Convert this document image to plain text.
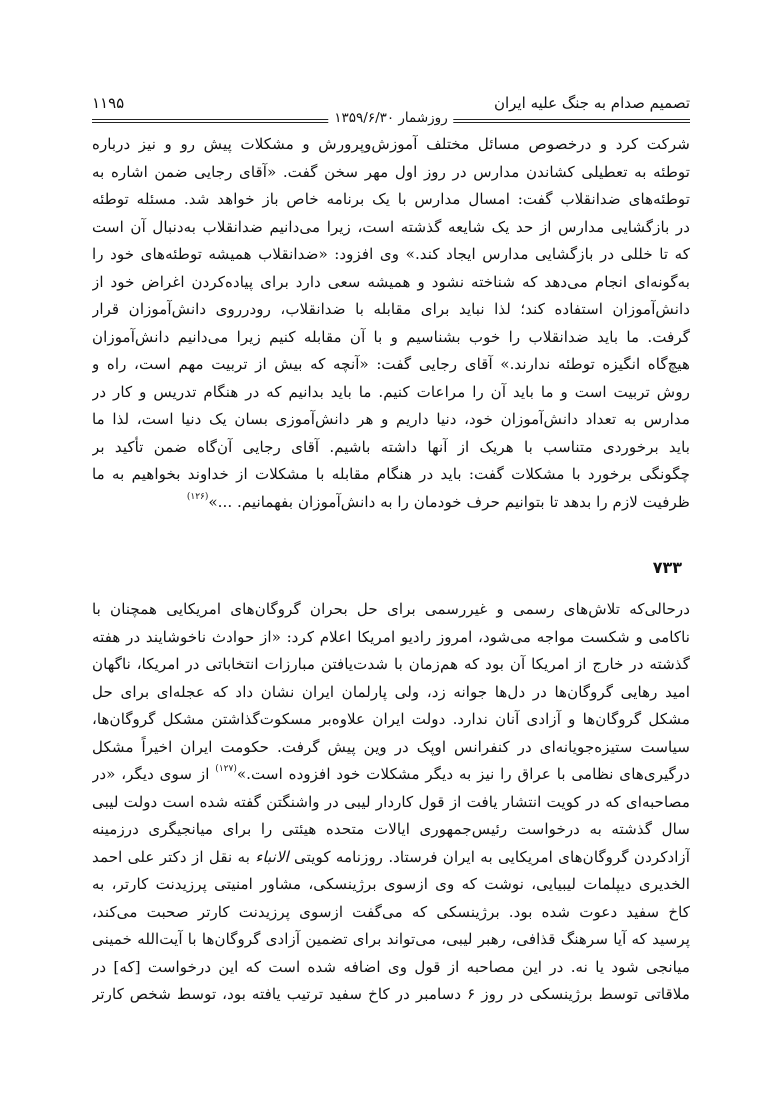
تصمیم صدام به جنگ علیه ایران
۱۱۹۵
روزشمار ۱۳۵۹/۶/۳۰
شرکت کرد و درخصوص مسائل مختلف آموزش‌وپرورش و مشکلات پیش رو و نیز درباره
توطئه به تعطیلی کشاندن مدارس در روز اول مهر سخن گفت. «آقای رجایی ضمن اشاره به
توطئه‌های ضدانقلاب گفت: امسال مدارس با یک برنامه خاص باز خواهد شد. مسئله توطئه
در بازگشایی مدارس از حد یک شایعه گذشته است، زیرا می‌دانیم ضدانقلاب به‌دنبال آن است
که تا خللی در بازگشایی مدارس ایجاد کند.» وی افزود: «ضدانقلاب همیشه توطئه‌های خود را
به‌گونه‌ای انجام می‌دهد که شناخته نشود و همیشه سعی دارد برای پیاده‌کردن اغراض خود از
دانش‌آموزان استفاده کند؛ لذا نباید برای مقابله با ضدانقلاب، رودرروی دانش‌آموزان قرار
گرفت. ما باید ضدانقلاب را خوب بشناسیم و با آن مقابله کنیم زیرا می‌دانیم دانش‌آموزان
هیچ‌گاه انگیزه توطئه ندارند.» آقای رجایی گفت: «آنچه که بیش از تربیت مهم است، راه و
روش تربیت است و ما باید آن را مراعات کنیم. ما باید بدانیم که در هنگام تدریس و کار در
مدارس به تعداد دانش‌آموزان خود، دنیا داریم و هر دانش‌آموزی بسان یک دنیا است، لذا ما
باید برخوردی متناسب با هریک از آنها داشته باشیم. آقای رجایی آن‌گاه ضمن تأکید بر
چگونگی برخورد با مشکلات گفت: باید در هنگام مقابله با مشکلات از خداوند بخواهیم به ما
ظرفیت لازم را بدهد تا بتوانیم حرف خودمان را به دانش‌آموزان بفهمانیم. ...»$^{(۱۲۶)}$
۷۳۳
درحالی‌که تلاش‌های رسمی و غیررسمی برای حل بحران گروگان‌های امریکایی همچنان با
ناکامی و شکست مواجه می‌شود، امروز رادیو امریکا اعلام کرد: «از حوادث ناخوشایند در هفته
گذشته در خارج از امریکا آن بود که هم‌زمان با شدت‌یافتن مبارزات انتخاباتی در امریکا، ناگهان
امید رهایی گروگان‌ها در دل‌ها جوانه زد، ولی پارلمان ایران نشان داد که عجله‌ای برای حل
مشکل گروگان‌ها و آزادی آنان ندارد. دولت ایران علاوه‌بر مسکوت‌گذاشتن مشکل گروگان‌ها،
سیاست ستیزه‌جویانه‌ای در کنفرانس اوپک در وین پیش گرفت. حکومت ایران اخیراً مشکل
درگیری‌های نظامی با عراق را نیز به دیگر مشکلات خود افزوده است.»$^{(۱۲۷)}$ از سوی دیگر، «در
مصاحبه‌ای که در کویت انتشار یافت از قول کاردار لیبی در واشنگتن گفته شده است دولت لیبی
سال گذشته به درخواست رئیس‌جمهوری ایالات متحده هیئتی را برای میانجیگری درزمینه
آزادکردن گروگان‌های امریکایی به ایران فرستاد. روزنامه کویتی الانباء به نقل از دکتر علی احمد
الخدیری دیپلمات لیبیایی، نوشت که وی ازسوی برژینسکی، مشاور امنیتی پرزیدنت کارتر، به
کاخ سفید دعوت شده بود. برژینسکی که می‌گفت ازسوی پرزیدنت کارتر صحبت می‌کند،
پرسید که آیا سرهنگ قذافی، رهبر لیبی، می‌تواند برای تضمین آزادی گروگان‌ها با آیت‌الله خمینی
میانجی شود یا نه. در این مصاحبه از قول وی اضافه شده است که این درخواست [که] در
ملاقاتی توسط برژینسکی در روز ۶ دسامبر در کاخ سفید ترتیب یافته بود، توسط شخص کارتر
